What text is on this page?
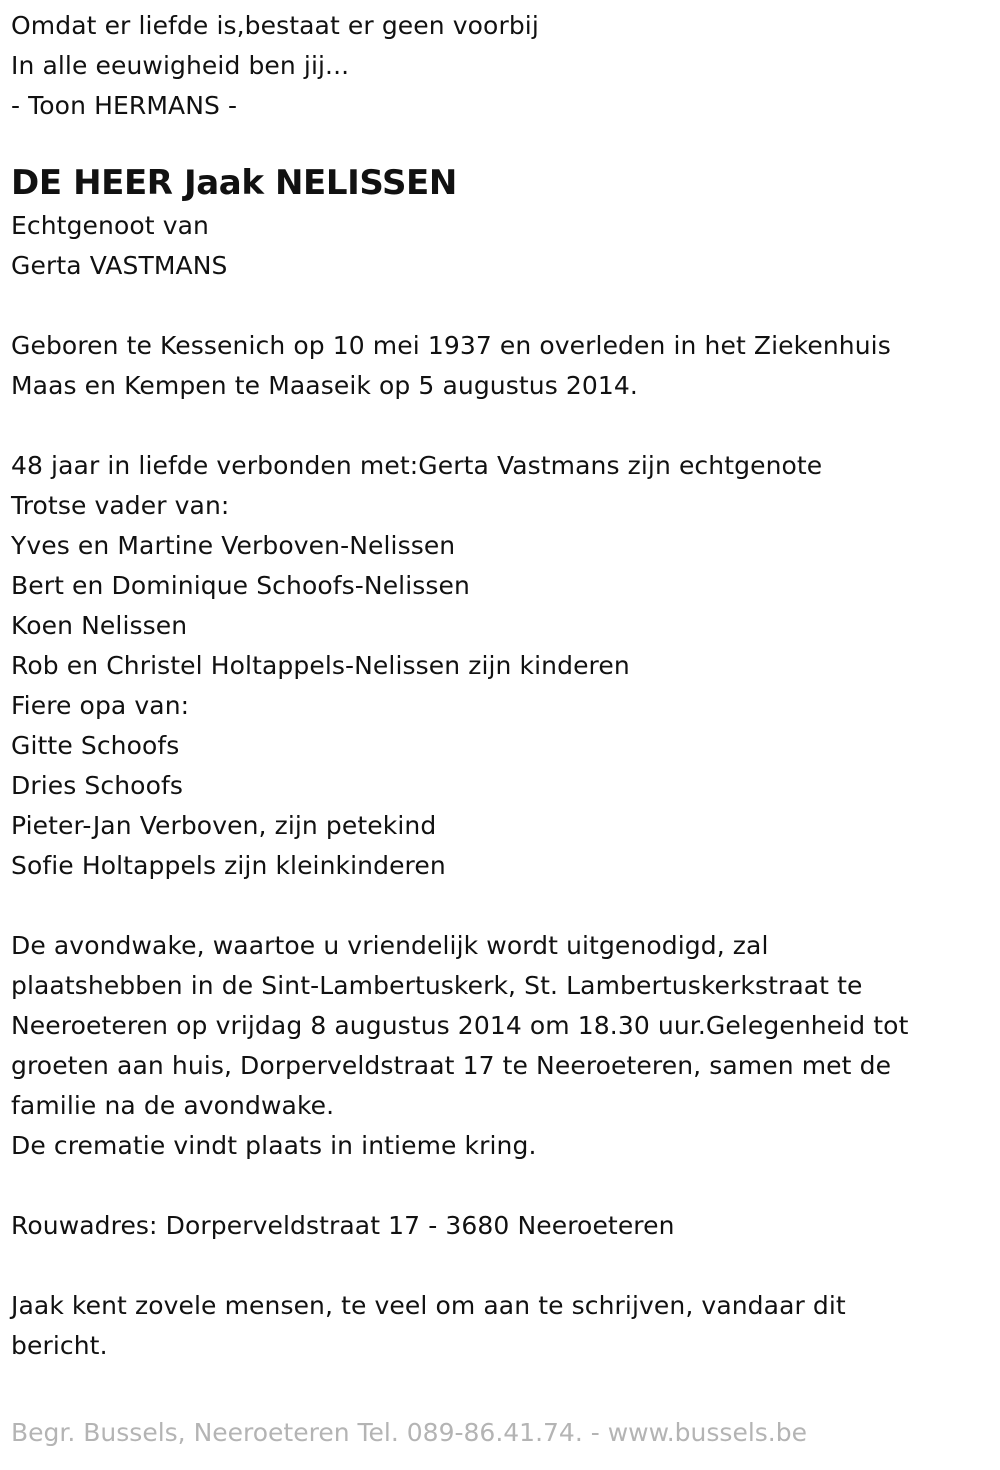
Omdat er liefde is,bestaat er geen voorbij
In alle eeuwigheid ben jij...
- Toon HERMANS -
DE HEER Jaak NELISSEN
Echtgenoot van
Gerta VASTMANS
Geboren te Kessenich op 10 mei 1937 en overleden in het Ziekenhuis
Maas en Kempen te Maaseik op 5 augustus 2014.
48 jaar in liefde verbonden met:Gerta Vastmans zijn echtgenote
Trotse vader van:
Yves en Martine Verboven-Nelissen
Bert en Dominique Schoofs-Nelissen
Koen Nelissen
Rob en Christel Holtappels-Nelissen zijn kinderen
Fiere opa van:
Gitte Schoofs
Dries Schoofs
Pieter-Jan Verboven, zijn petekind
Sofie Holtappels zijn kleinkinderen
De avondwake, waartoe u vriendelijk wordt uitgenodigd, zal
plaatshebben in de Sint-Lambertuskerk, St. Lambertuskerkstraat te
Neeroeteren op vrijdag 8 augustus 2014 om 18.30 uur.Gelegenheid tot
groeten aan huis, Dorperveldstraat 17 te Neeroeteren, samen met de
familie na de avondwake.
De crematie vindt plaats in intieme kring.
Rouwadres: Dorperveldstraat 17 - 3680 Neeroeteren
Jaak kent zovele mensen, te veel om aan te schrijven, vandaar dit
bericht.
Begr. Bussels, Neeroeteren Tel. 089-86.41.74. - www.bussels.be
